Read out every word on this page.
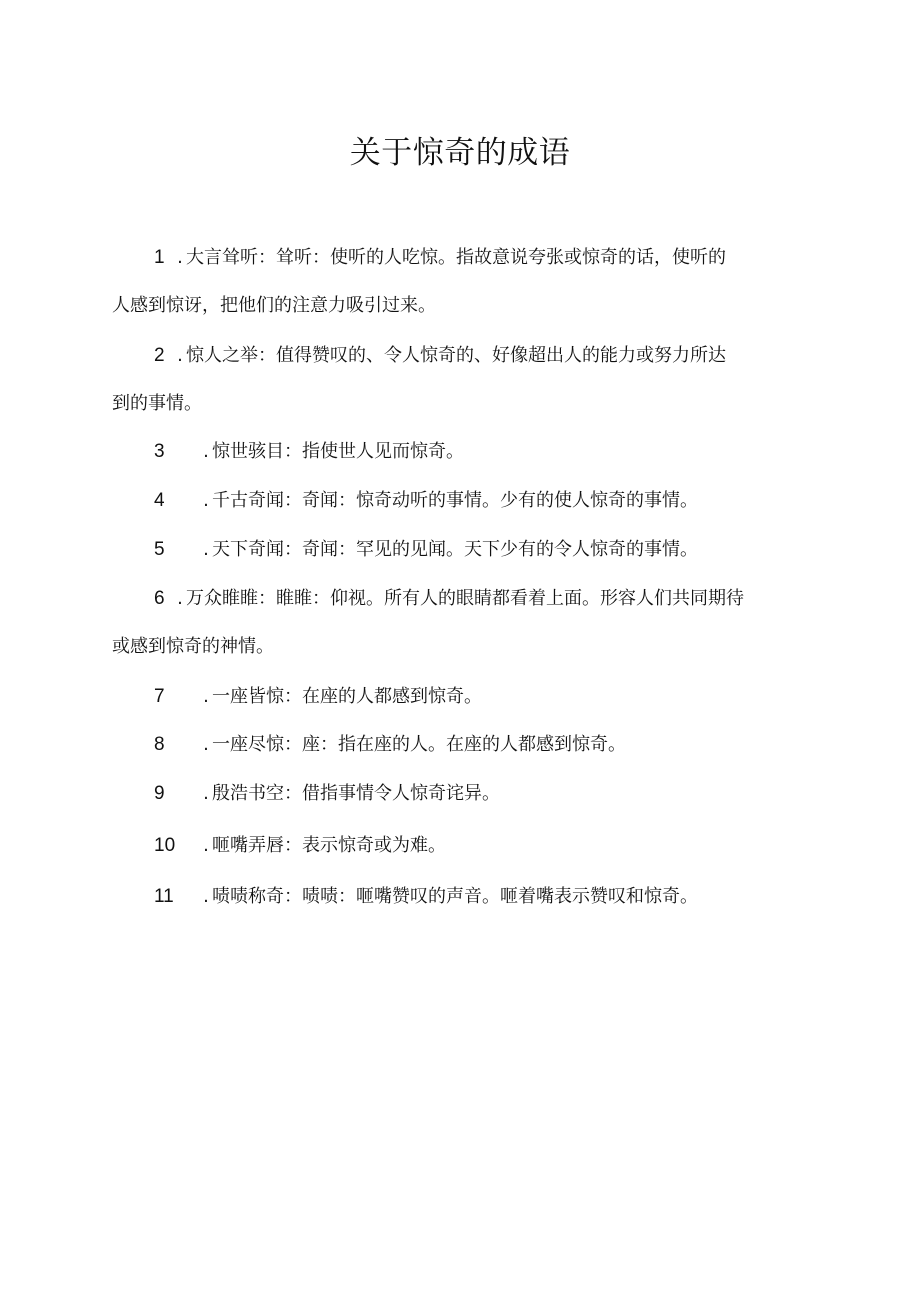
关于惊奇的成语
1 . 大言耸听：耸听：使听的人吃惊。指故意说夸张或惊奇的话，使听的
人感到惊讶，把他们的注意力吸引过来。
2 . 惊人之举：值得赞叹的、令人惊奇的、好像超出人的能力或努力所达
到的事情。
3 . 惊世骇目：指使世人见而惊奇。
4 . 千古奇闻：奇闻：惊奇动听的事情。少有的使人惊奇的事情。
5 . 天下奇闻：奇闻：罕见的见闻。天下少有的令人惊奇的事情。
6 . 万众睢睢：睢睢：仰视。所有人的眼睛都看着上面。形容人们共同期待
或感到惊奇的神情。
7 . 一座皆惊：在座的人都感到惊奇。
8 . 一座尽惊：座：指在座的人。在座的人都感到惊奇。
9 . 殷浩书空：借指事情令人惊奇诧异。
10 . 咂嘴弄唇：表示惊奇或为难。
11 . 啧啧称奇：啧啧：咂嘴赞叹的声音。咂着嘴表示赞叹和惊奇。
